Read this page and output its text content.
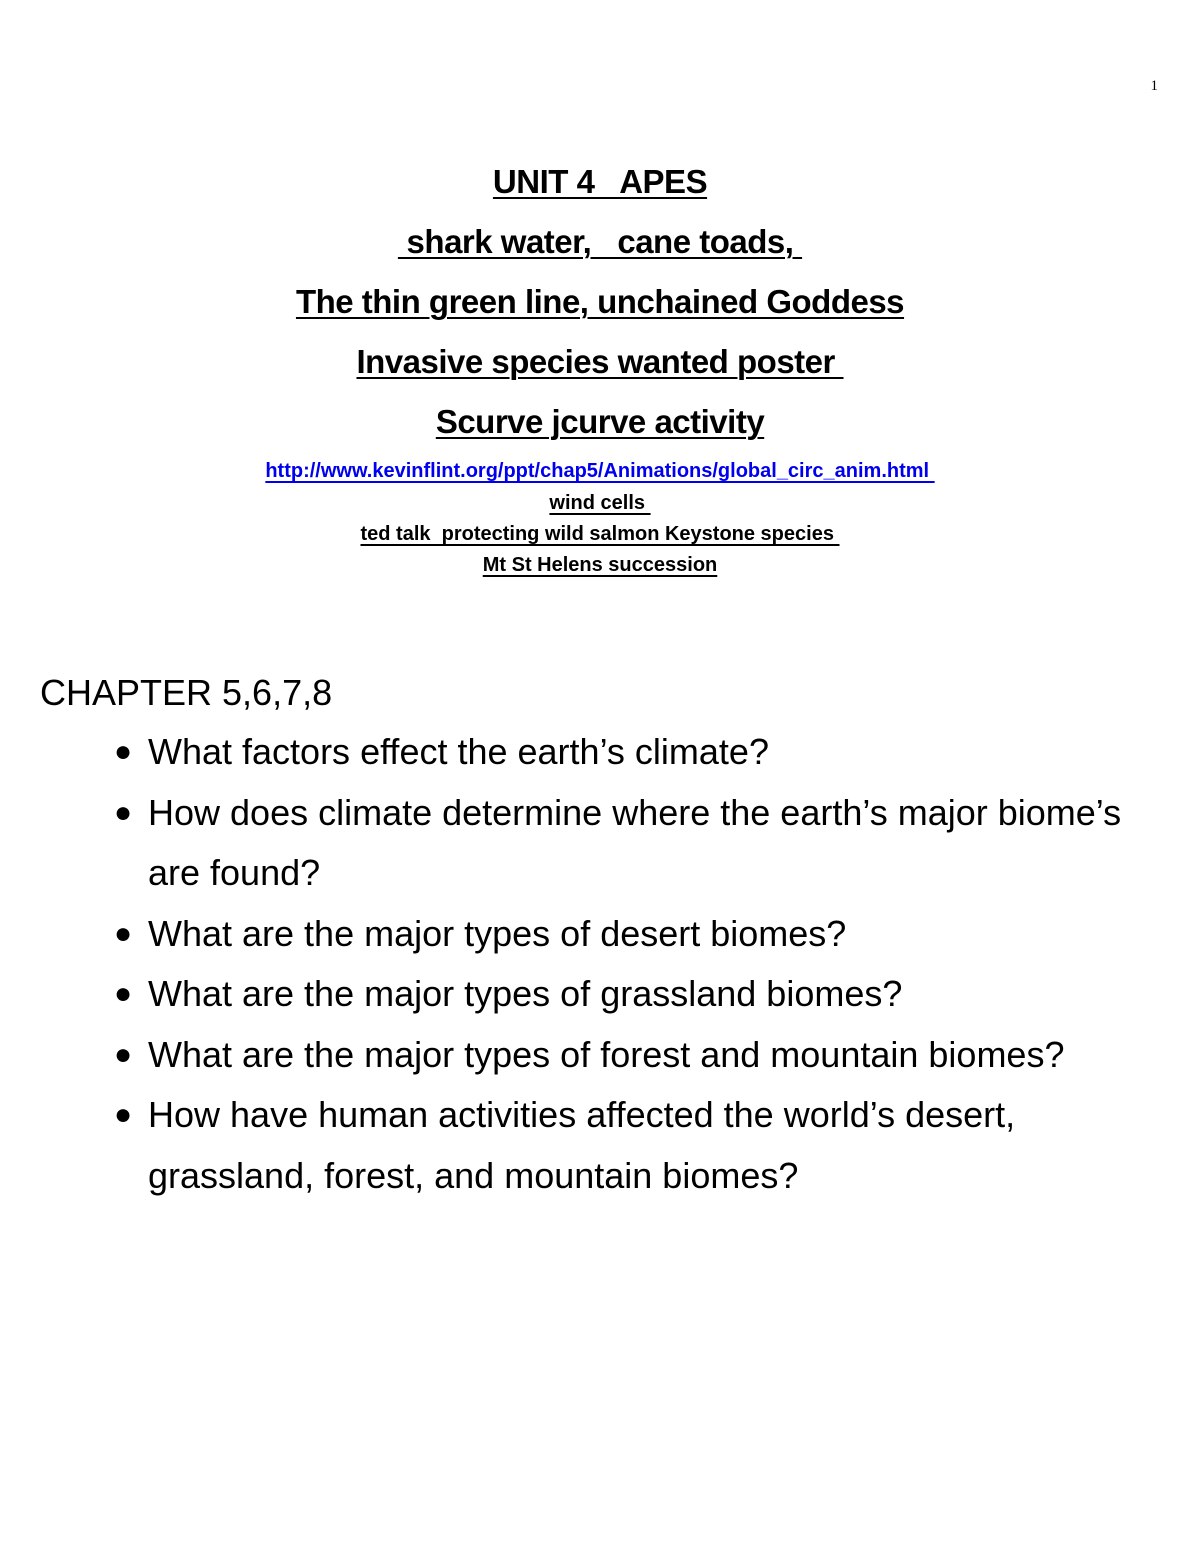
1
UNIT 4   APES
shark water,   cane toads,
The thin green line, unchained Goddess
Invasive species wanted poster
Scurve jcurve activity
http://www.kevinflint.org/ppt/chap5/Animations/global_circ_anim.html
wind cells
ted talk  protecting wild salmon Keystone species
Mt St Helens succession
CHAPTER 5,6,7,8
● What factors effect the earth’s climate?
● How does climate determine where the earth’s major biome’s are found?
● What are the major types of desert biomes?
● What are the major types of grassland biomes?
● What are the major types of forest and mountain biomes?
● How have human activities affected the world’s desert, grassland, forest, and mountain biomes?
